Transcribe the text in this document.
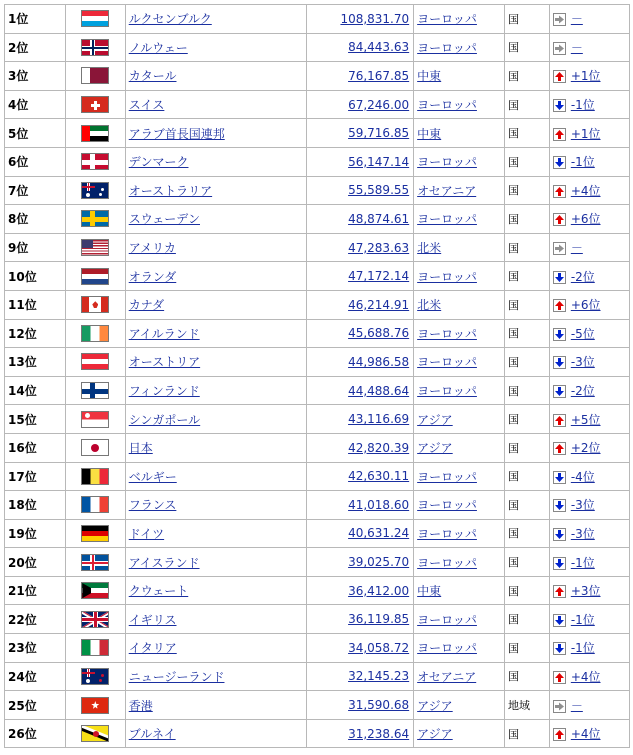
1位		ルクセンブルク	108,831.70	ヨーロッパ	国	－
2位		ノルウェー	84,443.63	ヨーロッパ	国	－
3位		カタール	76,167.85	中東	国	+1位
4位		スイス	67,246.00	ヨーロッパ	国	-1位
5位		アラブ首長国連邦	59,716.85	中東	国	+1位
6位		デンマーク	56,147.14	ヨーロッパ	国	-1位
7位		オーストラリア	55,589.55	オセアニア	国	+4位
8位		スウェーデン	48,874.61	ヨーロッパ	国	+6位
9位		アメリカ	47,283.63	北米	国	－
10位		オランダ	47,172.14	ヨーロッパ	国	-2位
11位		カナダ	46,214.91	北米	国	+6位
12位		アイルランド	45,688.76	ヨーロッパ	国	-5位
13位		オーストリア	44,986.58	ヨーロッパ	国	-3位
14位		フィンランド	44,488.64	ヨーロッパ	国	-2位
15位		シンガポール	43,116.69	アジア	国	+5位
16位		日本	42,820.39	アジア	国	+2位
17位		ベルギー	42,630.11	ヨーロッパ	国	-4位
18位		フランス	41,018.60	ヨーロッパ	国	-3位
19位		ドイツ	40,631.24	ヨーロッパ	国	-3位
20位		アイスランド	39,025.70	ヨーロッパ	国	-1位
21位		クウェート	36,412.00	中東	国	+3位
22位		イギリス	36,119.85	ヨーロッパ	国	-1位
23位		イタリア	34,058.72	ヨーロッパ	国	-1位
24位		ニュージーランド	32,145.23	オセアニア	国	+4位
25位		香港	31,590.68	アジア	地域	－
26位		ブルネイ	31,238.64	アジア	国	+4位
